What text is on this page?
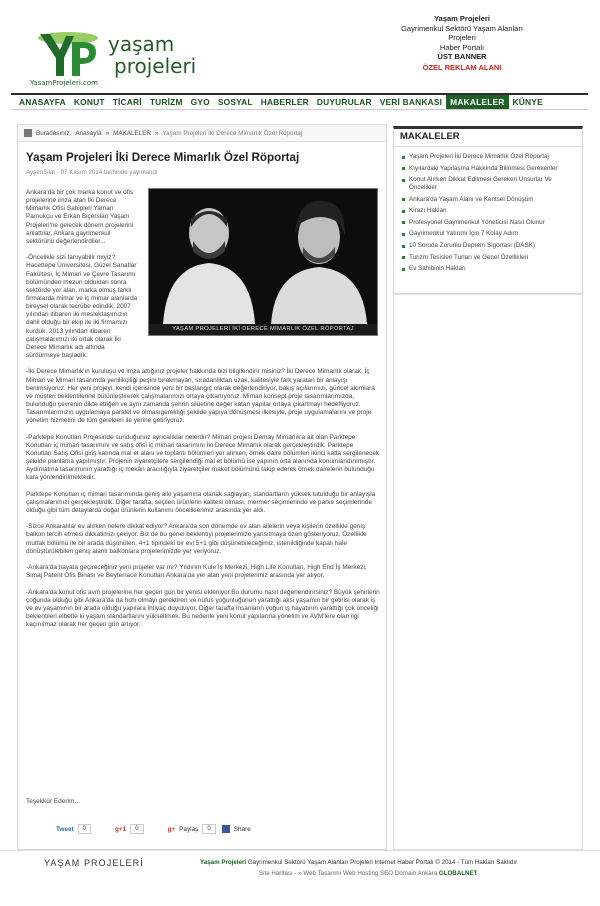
yaşam
projeleri
YasamProjeleri.com
Yaşam Projeleri
Gayrimenkul Sektörü Yaşam Alanları Projeleri
Haber Portalı
ÜST BANNER
ÖZEL REKLAM ALANI
ANASAYFA KONUT TİCARİ TURİZM GYO SOSYAL HABERLER DUYURULAR VERİ BANKASI MAKALELER KÜNYE
Buradasınız: Anasayfa » MAKALELER » Yaşam Projeleri İki Derece Mimarlık Özel Röportaj
Yaşam Projeleri İki Derece Mimarlık Özel Röportaj
AyşenSilat · 07 Kasım 2014 tarihinde yayınlandı
YAŞAM PROJELERİ İKİ DERECE MİMARLIK ÖZEL RÖPORTAJ

Ankara'da bir çok marka konut ve ofis projelerine imza atan İki Derece Mimarlık Ofisi Sahipleri Yaman Pamukçu ve Erkan Biçerslan Yaşam Projeleri'ne gelecek dönem projelerini anlattılar, Ankara gayrimenkul sektörünü değerlendirdiler...

-Öncelikle sizi tanıyabilir miyiz? Hacettepe Üniversitesi, Güzel Sanatlar Fakültesi, İç Mimari ve Çevre Tasarımı bölümünden mezun olduktan sonra sektörde yer alan, marka olmuş farklı firmalarda mimar ve iç mimar alanlarda bireysel olarak tecrübe edindik. 2007 yılından itibaren iki meslektaşımızın dahil olduğu bir ekip ile iki firmamızı kurduk. 2013 yılından itibaren çalışmalarımızı iki ortak olarak İki Derece Mimarlık adı altında sürdürmeye başladık.

-İki Derece Mimarlık'ın kuruluşu ve imza attığınız projeler hakkında bizi bilgilendirir misiniz? İki Derece Mimarlık olarak, İç Mimari ve Mimari tasarımda yenilikçiliği peşini bırakmayan, sıradanlıktan uzak, kalitesiyle fark yaratan bir anlayışı benimsiyoruz. Her yeni projeyi, kendi içerisinde yeni bir başlangıç olarak değerlendiriyor, bakış açılarımızı, güncel akımlara ve müşteri beklentilerine bütünleştirerek çalışmalarımızı ortaya çıkartıyoruz. Mimari konsept proje tasarımlarımızda, bulunduğu çevrenin dikte ettiğen ve aynı zamanda şehrin silüetine değer katan yapılar ortaya çıkartmayı hedefliyoruz. Tasarımlarımızın uygulamaya paralel ve olmasıgerektiği şekilde yapıya dönüşmesi ilkesiyle, proje uygulamalarını ve proje yönetim hizmetini de tüm gerekleri ile yerine getiriyoruz.

-Parktepe Konutları Projesinde sunduğunuz ayrıcalıklar nelerdir? Mimari projesi Demay Mimarlık'a ait olan Parktepe Konutları iç mimari tasarımını ve satış ofisi iç mimari tasarımını İki Derece Mimarlık olarak gerçekleştirdik. Parktepe Konutları Satış Ofisi giriş katında mal et alanı ve toplantı bölümleri yer alırken, örnek daire bölümleri ikinci katta sergilenecek şekilde planlama yapılmıştır. Projenin ziyaretçilere sergilendiği mal et bölümü ise yapının orta alanında konumlandırılmıştır. Aydınlatma tasarımının yarattığı iç mekân aracılığıyla ziyaretçiler maket bölümünü takip ederek örnek dairelerin bulunduğu kata yönlendirilmektedir.

Parktepe Konutları iç mimari tasarımında geniş aile yaşamına olanak sağlayan, standartların yüksek tutulduğu bir anlayışla çalışmalarımızı gerçekleştirdik. Diğer tarafta, seçilen ürünlerin kalitesi olması, mermer seçimlerinde ve parke seçimlerinde olduğu gibi tüm detaylarda doğal ürünlerin kullanımı önceliklerimiz arasında yer aldı.

-Sizce Ankaralılar ev alırken nelere dikkat ediyor? Ankara'da son dönemde ev alan ailelerin veya kişilerin özellikle geniş balkon tercih etmesi dikkatimizi çekiyor. Biz de bu genel beklentiyi projelerimize yansıtmaya özen gösteriyoruz. Özellikle mutfak bölümü ile bir arada düşünülen, 4+1 tipindeki bir evi 5+1 gibi düşünebileceğimiz, istenildiğinde kapalı hale dönüştürülebilen geniş alanlı balkonlara projelerimizde yer veriyoruz.

-Ankara'da hayata geçireceğiniz yeni projeler var mı? Yıldırım Kule İş Merkezi, High Life Konutları, High End İş Merkezi, Simaj Patent Ofis Binası ve Beyterrace Konutları Ankara'da yer alan yeni projelerimiz arasında yer alıyor.

-Ankara'da konut ofis avm projelerine her geçen gün bir yenisi ekleniyor.Bu durumu nasıl değerlendirirsiniz? Büyük şehirlerin çoğunda olduğu gibi Ankara'da da hızlı olmayı gerektiren ve nüfus yoğunluğunun yarattığı aksi yaşamın bir getirisi olarak iş ve ev yaşamının bir arada olduğu yapılara ihtiyaç duyuluyor. Diğer tarafta insanların yoğun iş hayatının yarattığı çok önceliği beklentileri elbette ki yaşam standartlarını yükseltmek. Bu nedenle yeni konut yapılarına yönelim ve AVM'lere olan ilgi kaçınılmaz olarak her geçen gün artıyor.

Teşekkür Ederim...
Tweet	0	g+1	0	g+ Paylaş	0	Share
MAKALELER
Yaşam Projeleri İki Derece Mimarlık Özel Röportaj
Kıyılardaki Yapılaşma Hakkında Bilinmesi Gerekenler
Konut Alırken Dikkat Edilmesi Gereken Unsurlar Ve Öncelikler
Ankara'da Yaşam Alanı ve Kentsel Dönüşüm
Kirazı Hakları
Profesyonel Gayrimenkul Yöneticisi Nasıl Olunur
Gayrimenkul Yatırımı İçin 7 Kolay Adım
10 Soruda Zorunlu Deprem Sigortası (DASK)
Turizm Tesisleri Turları ve Genel Özellikleri
Ev Sahibinin Hakları
YAŞAM PROJELERİ	Yaşam Projeleri Gayrimenkul Sektörü Yaşam Alanları Projeleri Internet Haber Portalı © 2014 - Tüm Hakları Saklıdır
Site Haritası - » Web Tasarımı Web Hosting SEO Domain Ankara GLOBALNET
